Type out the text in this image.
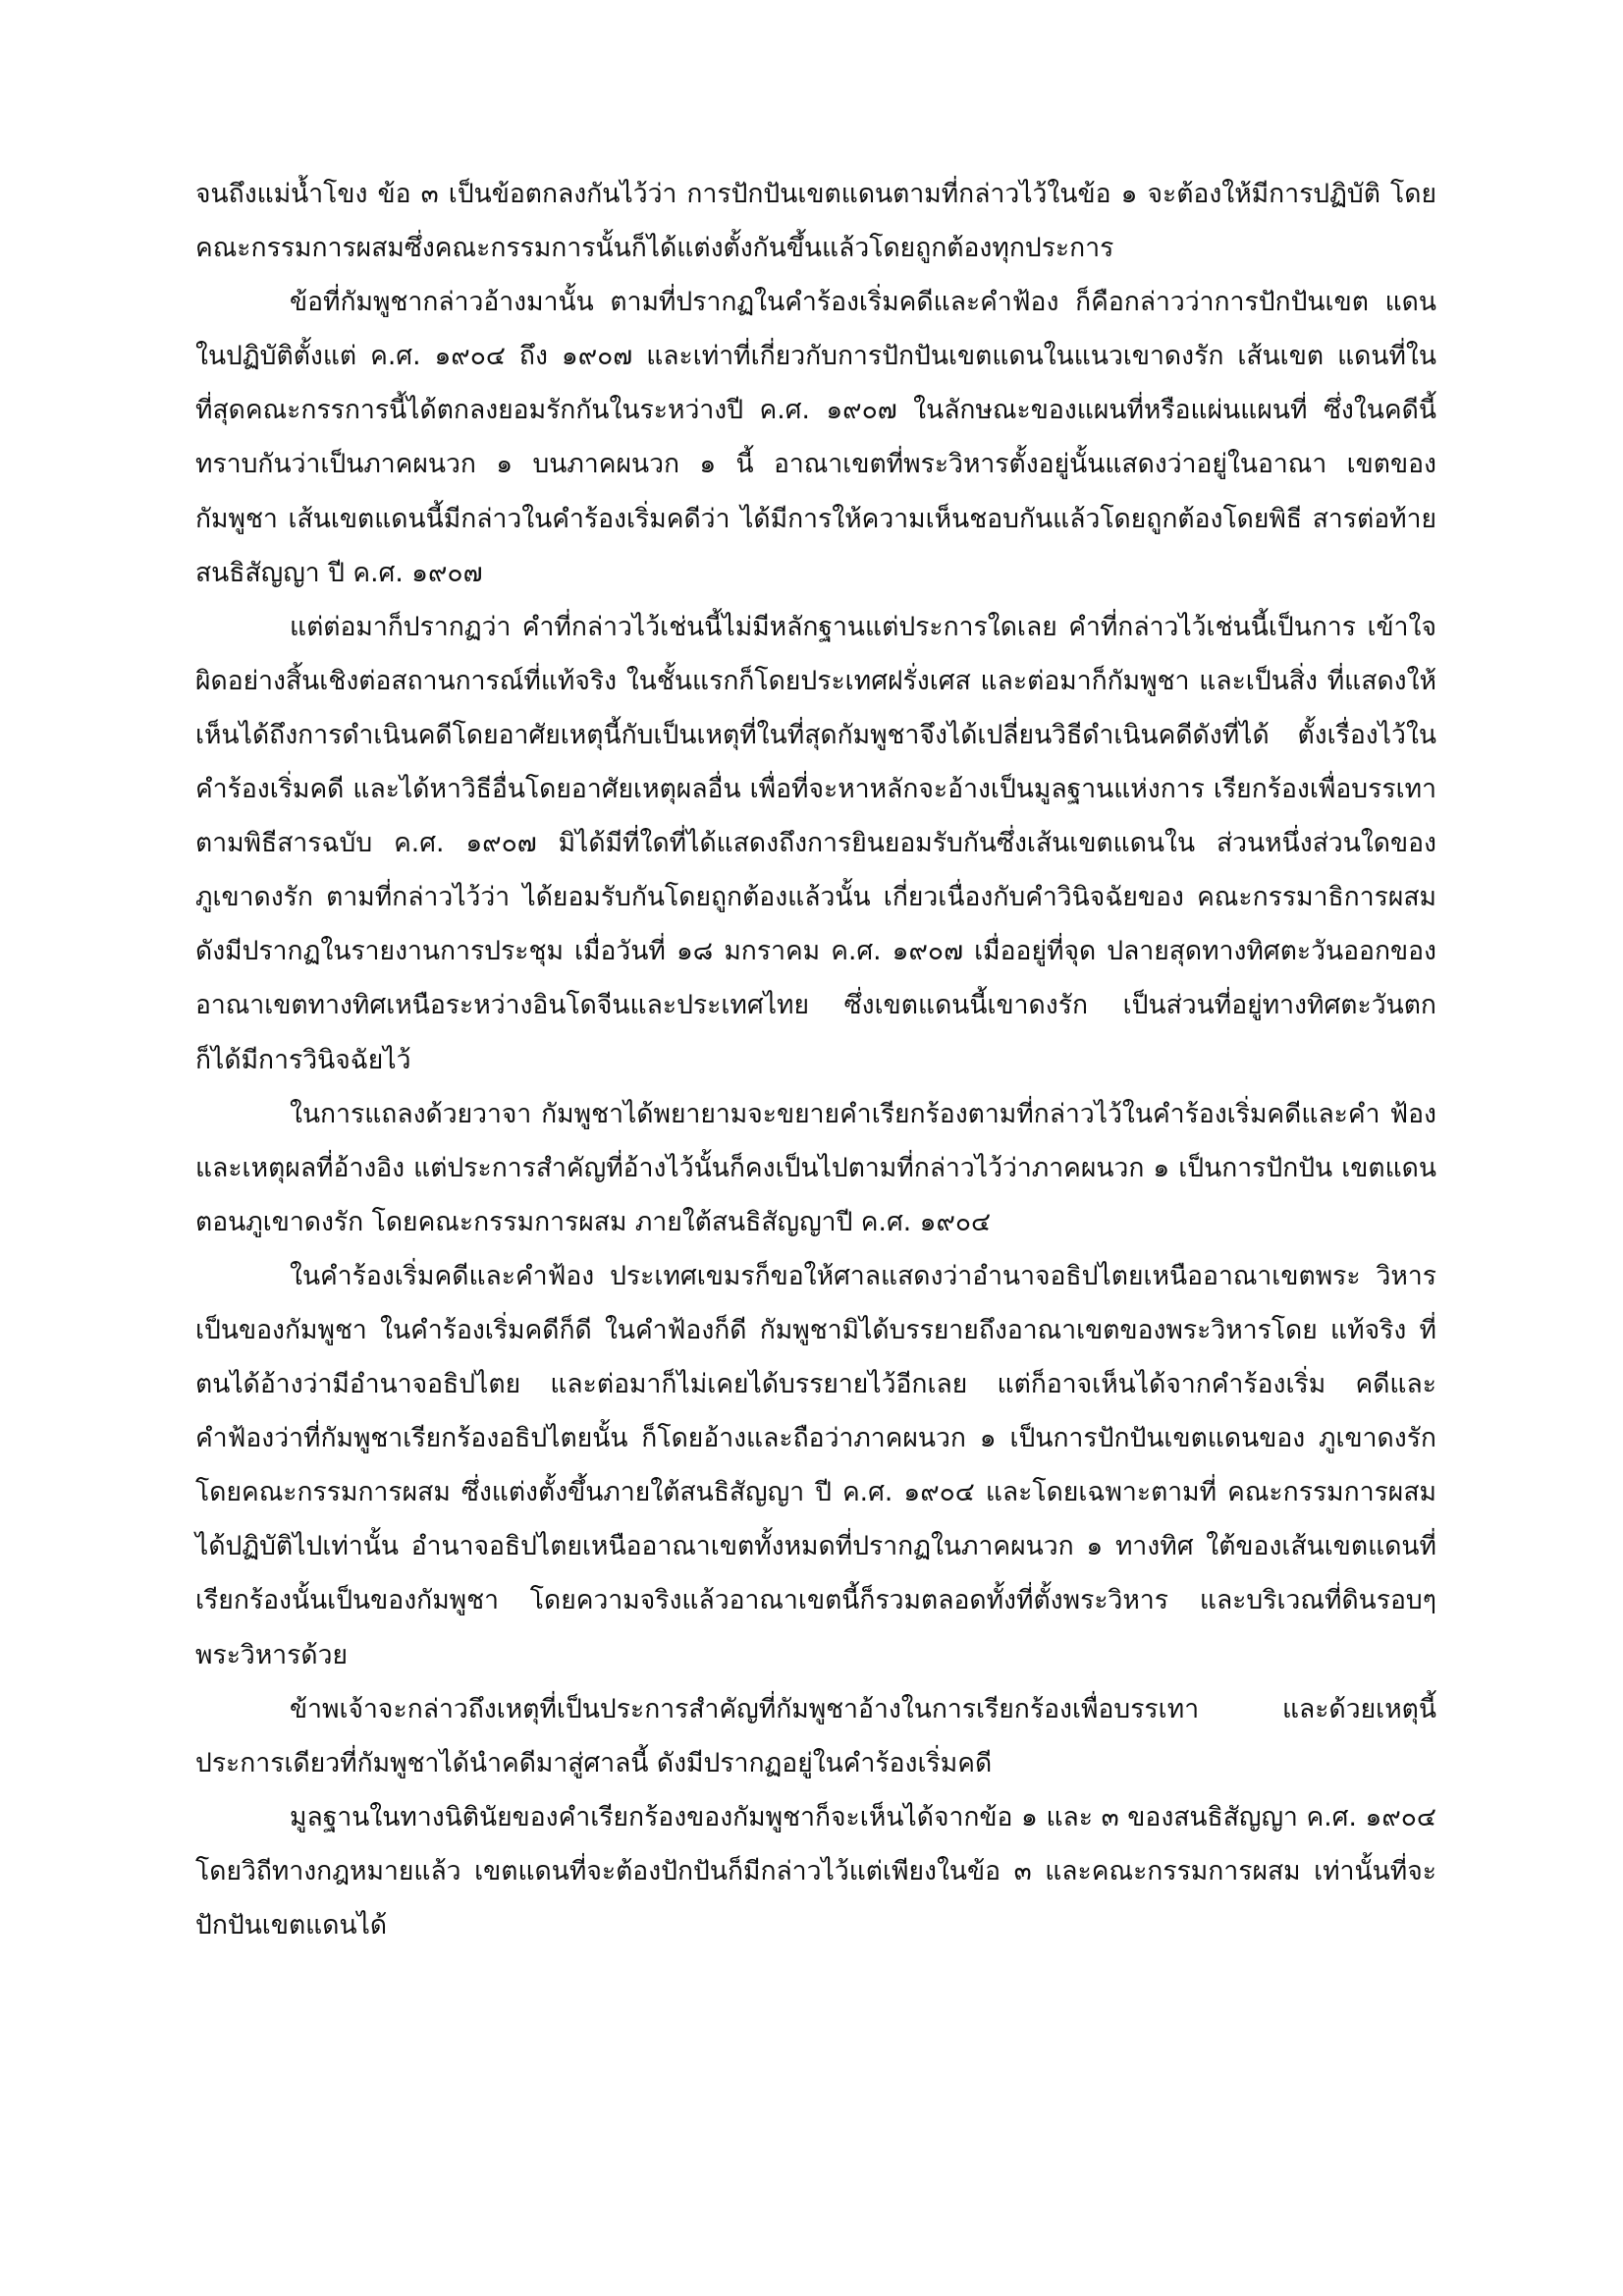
จนถึงแม่น้ำโขง ข้อ ๓ เป็นข้อตกลงกันไว้ว่า การปักปันเขตแดนตามที่กล่าวไว้ในข้อ ๑ จะต้องให้มีการปฏิบัติ โดยคณะกรรมการผสมซึ่งคณะกรรมการนั้นก็ได้แต่งตั้งกันขึ้นแล้วโดยถูกต้องทุกประการ

ข้อที่กัมพูชากล่าวอ้างมานั้น ตามที่ปรากฏในคำร้องเริ่มคดีและคำฟ้อง ก็คือกล่าวว่าการปักปันเขต แดนในปฏิบัติตั้งแต่ ค.ศ. ๑๙๐๔ ถึง ๑๙๐๗ และเท่าที่เกี่ยวกับการปักปันเขตแดนในแนวเขาดงรัก เส้นเขต แดนที่ในที่สุดคณะกรรการนี้ได้ตกลงยอมรักกันในระหว่างปี ค.ศ. ๑๙๐๗ ในลักษณะของแผนที่หรือแผ่นแผนที่ ซึ่งในคดีนี้ทราบกันว่าเป็นภาคผนวก ๑ บนภาคผนวก ๑ นี้ อาณาเขตที่พระวิหารตั้งอยู่นั้นแสดงว่าอยู่ในอาณา เขตของกัมพูชา เส้นเขตแดนนี้มีกล่าวในคำร้องเริ่มคดีว่า ได้มีการให้ความเห็นชอบกันแล้วโดยถูกต้องโดยพิธี สารต่อท้าย สนธิสัญญา ปี ค.ศ. ๑๙๐๗

แต่ต่อมาก็ปรากฏว่า คำที่กล่าวไว้เช่นนี้ไม่มีหลักฐานแต่ประการใดเลย คำที่กล่าวไว้เช่นนี้เป็นการ เข้าใจผิดอย่างสิ้นเชิงต่อสถานการณ์ที่แท้จริง ในชั้นแรกก็โดยประเทศฝรั่งเศส และต่อมาก็กัมพูชา และเป็นสิ่ง ที่แสดงให้เห็นได้ถึงการดำเนินคดีโดยอาศัยเหตุนี้กับเป็นเหตุที่ในที่สุดกัมพูชาจึงได้เปลี่ยนวิธีดำเนินคดีดังที่ได้ ตั้งเรื่องไว้ในคำร้องเริ่มคดี และได้หาวิธีอื่นโดยอาศัยเหตุผลอื่น เพื่อที่จะหาหลักจะอ้างเป็นมูลฐานแห่งการ เรียกร้องเพื่อบรรเทาตามพิธีสารฉบับ ค.ศ. ๑๙๐๗ มิได้มีที่ใดที่ได้แสดงถึงการยินยอมรับกันซึ่งเส้นเขตแดนใน ส่วนหนึ่งส่วนใดของภูเขาดงรัก ตามที่กล่าวไว้ว่า ได้ยอมรับกันโดยถูกต้องแล้วนั้น เกี่ยวเนื่องกับคำวินิจฉัยของ คณะกรรมาธิการผสม ดังมีปรากฏในรายงานการประชุม เมื่อวันที่ ๑๘ มกราคม ค.ศ. ๑๙๐๗ เมื่ออยู่ที่จุด ปลายสุดทางทิศตะวันออกของอาณาเขตทางทิศเหนือระหว่างอินโดจีนและประเทศไทย ซึ่งเขตแดนนี้เขาดงรัก เป็นส่วนที่อยู่ทางทิศตะวันตก ก็ได้มีการวินิจฉัยไว้

ในการแถลงด้วยวาจา กัมพูชาได้พยายามจะขยายคำเรียกร้องตามที่กล่าวไว้ในคำร้องเริ่มคดีและคำ ฟ้อง และเหตุผลที่อ้างอิง แต่ประการสำคัญที่อ้างไว้นั้นก็คงเป็นไปตามที่กล่าวไว้ว่าภาคผนวก ๑ เป็นการปักปัน เขตแดนตอนภูเขาดงรัก โดยคณะกรรมการผสม ภายใต้สนธิสัญญาปี ค.ศ. ๑๙๐๔

ในคำร้องเริ่มคดีและคำฟ้อง ประเทศเขมรก็ขอให้ศาลแสดงว่าอำนาจอธิปไตยเหนืออาณาเขตพระ วิหารเป็นของกัมพูชา ในคำร้องเริ่มคดีก็ดี ในคำฟ้องก็ดี กัมพูชามิได้บรรยายถึงอาณาเขตของพระวิหารโดย แท้จริง ที่ตนได้อ้างว่ามีอำนาจอธิปไตย และต่อมาก็ไม่เคยได้บรรยายไว้อีกเลย แต่ก็อาจเห็นได้จากคำร้องเริ่ม คดีและคำฟ้องว่าที่กัมพูชาเรียกร้องอธิปไตยนั้น ก็โดยอ้างและถือว่าภาคผนวก ๑ เป็นการปักปันเขตแดนของ ภูเขาดงรักโดยคณะกรรมการผสม ซึ่งแต่งตั้งขึ้นภายใต้สนธิสัญญา ปี ค.ศ. ๑๙๐๔ และโดยเฉพาะตามที่ คณะกรรมการผสมได้ปฏิบัติไปเท่านั้น อำนาจอธิปไตยเหนืออาณาเขตทั้งหมดที่ปรากฏในภาคผนวก ๑ ทางทิศ ใต้ของเส้นเขตแดนที่เรียกร้องนั้นเป็นของกัมพูชา โดยความจริงแล้วอาณาเขตนี้ก็รวมตลอดทั้งที่ตั้งพระวิหาร และบริเวณที่ดินรอบๆ พระวิหารด้วย

ข้าพเจ้าจะกล่าวถึงเหตุที่เป็นประการสำคัญที่กัมพูชาอ้างในการเรียกร้องเพื่อบรรเทา และด้วยเหตุนี้ ประการเดียวที่กัมพูชาได้นำคดีมาสู่ศาลนี้ ดังมีปรากฏอยู่ในคำร้องเริ่มคดี

มูลฐานในทางนิตินัยของคำเรียกร้องของกัมพูชาก็จะเห็นได้จากข้อ ๑ และ ๓ ของสนธิสัญญา ค.ศ. ๑๙๐๔ โดยวิถีทางกฎหมายแล้ว เขตแดนที่จะต้องปักปันก็มีกล่าวไว้แต่เพียงในข้อ ๓ และคณะกรรมการผสม เท่านั้นที่จะปักปันเขตแดนได้
